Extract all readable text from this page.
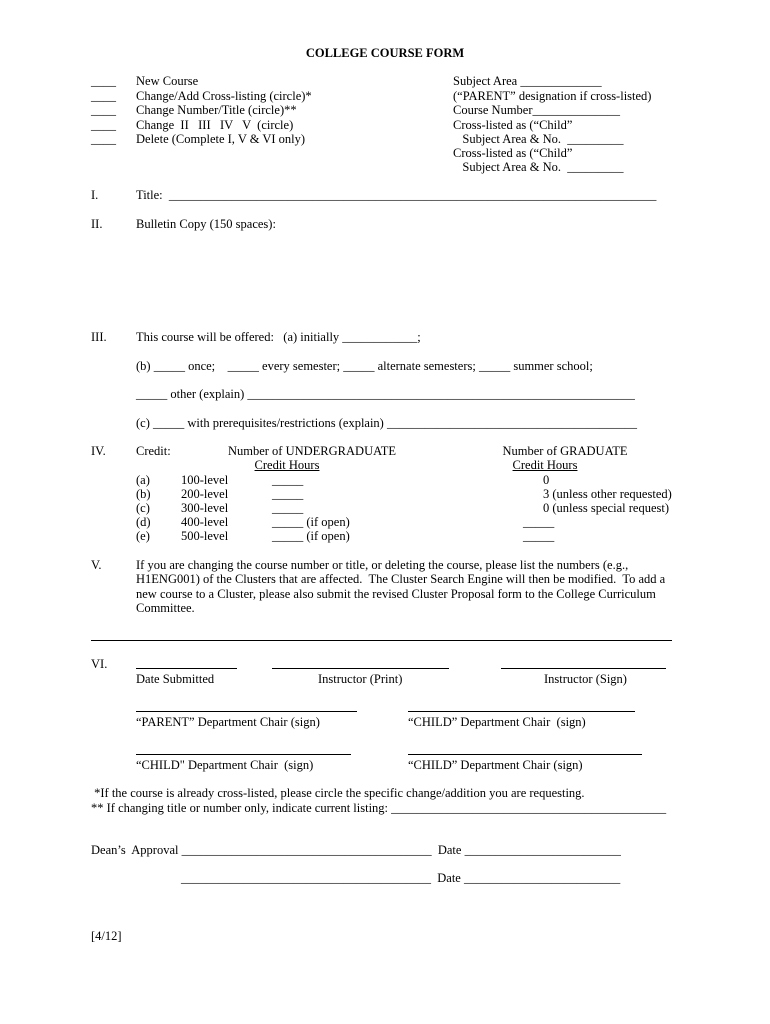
COLLEGE COURSE FORM
____ New Course
____ Change/Add Cross-listing (circle)*
____ Change Number/Title (circle)**
____ Change  II   III   IV   V  (circle)
____ Delete (Complete I, V & VI only)
Subject Area _____________
(“PARENT” designation if cross-listed)
Course Number______________
Cross-listed as (“Child”
Subject Area & No.  _________
Cross-listed as (“Child”
Subject Area & No.  _________
I.	Title:  ______________________________________________________________________________
II.	Bulletin Copy (150 spaces):
III. This course will be offered:   (a) initially ____________;
(b) _____ once;    _____ every semester; _____ alternate semesters; _____ summer school;
_____ other (explain) ______________________________________________________________
(c) _____ with prerequisites/restrictions (explain) ________________________________________
IV. Credit:	Number of UNDERGRADUATE
Credit Hours
Number of GRADUATE
Credit Hours
(a) 100-level	_____	0
(b) 200-level	_____	3 (unless other requested)
(c) 300-level	_____	0 (unless special request)
(d) 400-level	_____ (if open)	_____
(e) 500-level	_____ (if open)	_____
V.	If you are changing the course number or title, or deleting the course, please list the numbers (e.g.,
H1ENG001) of the Clusters that are affected.  The Cluster Search Engine will then be modified.  To add a
new course to a Cluster, please also submit the revised Cluster Proposal form to the College Curriculum
Committee.
VI.
Date Submitted	Instructor (Print)	Instructor (Sign)
“PARENT” Department Chair (sign)	“CHILD” Department Chair  (sign)
“CHILD" Department Chair  (sign)	“CHILD” Department Chair (sign)
*If the course is already cross-listed, please circle the specific change/addition you are requesting.
** If changing title or number only, indicate current listing: ____________________________________________
Dean’s  Approval ________________________________________  Date _________________________
________________________________________  Date _________________________
[4/12]
